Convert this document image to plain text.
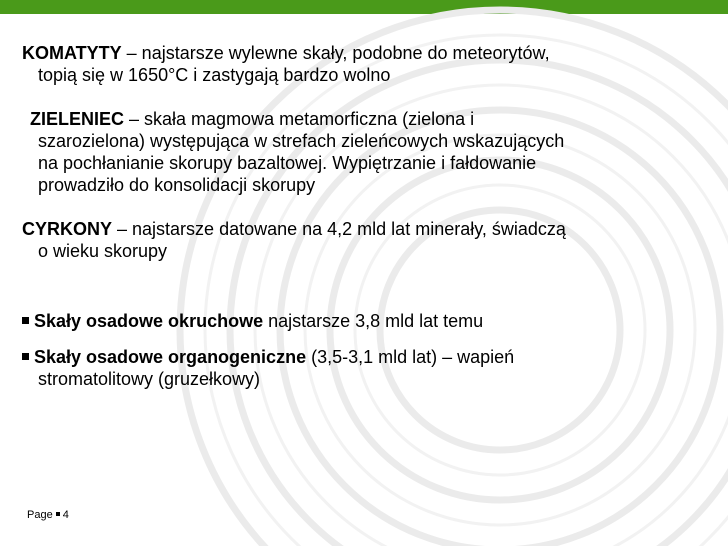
KOMATYTY – najstarsze wylewne skały, podobne do meteorytów,
topią się w 1650°C i zastygają bardzo wolno
ZIELENIEC – skała magmowa metamorficzna (zielona i
szarozielona) występująca w strefach zieleńcowych wskazujących
na pochłanianie skorupy bazaltowej. Wypiętrzanie i fałdowanie
prowadziło do konsolidacji skorupy
CYRKONY – najstarsze datowane na 4,2 mld lat minerały, świadczą
o wieku skorupy
Skały osadowe okruchowe najstarsze 3,8 mld lat temu
Skały osadowe organogeniczne (3,5-3,1 mld lat) – wapień
stromatolitowy (gruzełkowy)
Page 4
